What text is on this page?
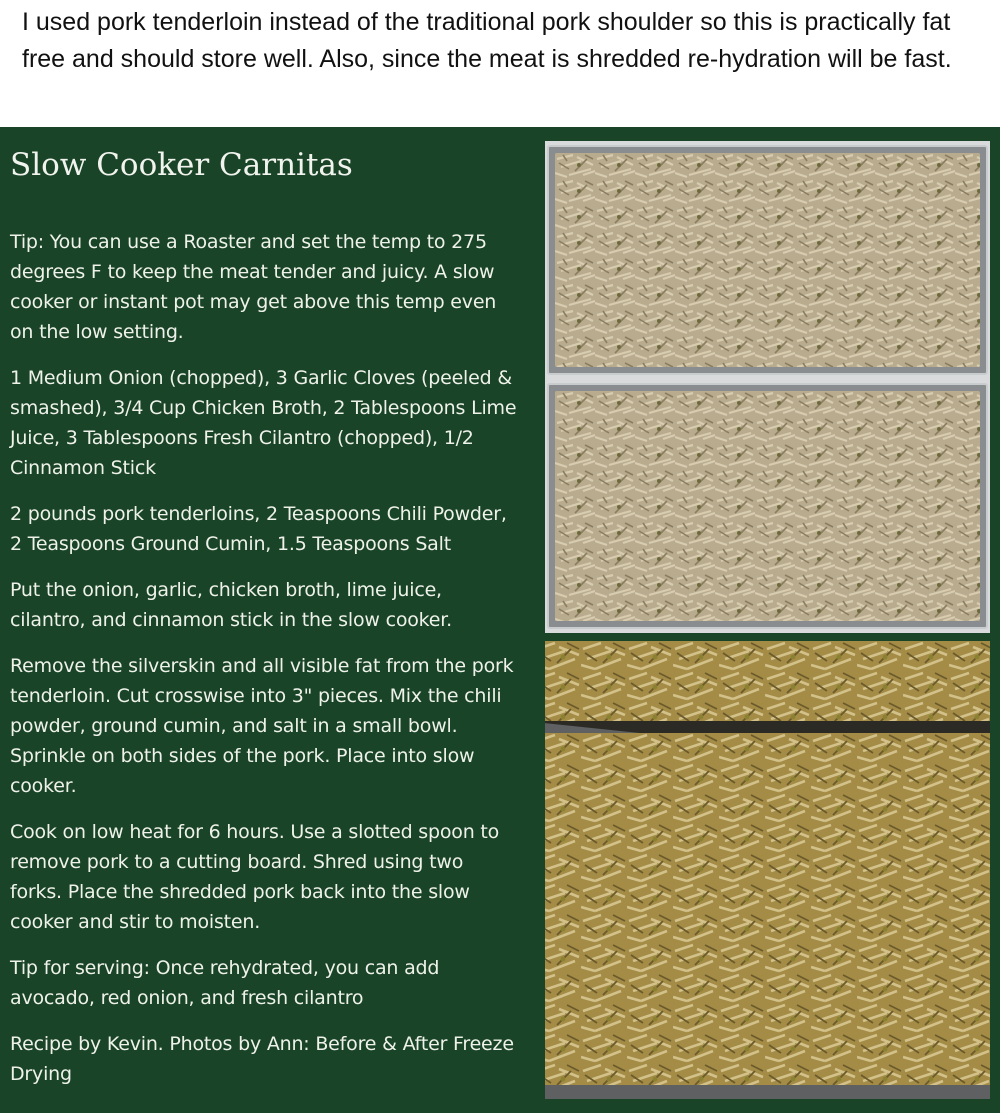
I used pork tenderloin instead of the traditional pork shoulder so this is practically fat free and should store well. Also, since the meat is shredded re-hydration will be fast.

Slow Cooker Carnitas

Tip: You can use a Roaster and set the temp to 275 degrees F to keep the meat tender and juicy. A slow cooker or instant pot may get above this temp even on the low setting.

1 Medium Onion (chopped), 3 Garlic Cloves (peeled & smashed), 3/4 Cup Chicken Broth, 2 Tablespoons Lime Juice, 3 Tablespoons Fresh Cilantro (chopped), 1/2 Cinnamon Stick

2 pounds pork tenderloins, 2 Teaspoons Chili Powder, 2 Teaspoons Ground Cumin, 1.5 Teaspoons Salt

Put the onion, garlic, chicken broth, lime juice, cilantro, and cinnamon stick in the slow cooker.

Remove the silverskin and all visible fat from the pork tenderloin. Cut crosswise into 3" pieces. Mix the chili powder, ground cumin, and salt in a small bowl. Sprinkle on both sides of the pork. Place into slow cooker.

Cook on low heat for 6 hours. Use a slotted spoon to remove pork to a cutting board. Shred using two forks. Place the shredded pork back into the slow cooker and stir to moisten.

Tip for serving: Once rehydrated, you can add avocado, red onion, and fresh cilantro

Recipe by Kevin. Photos by Ann: Before & After Freeze Drying
